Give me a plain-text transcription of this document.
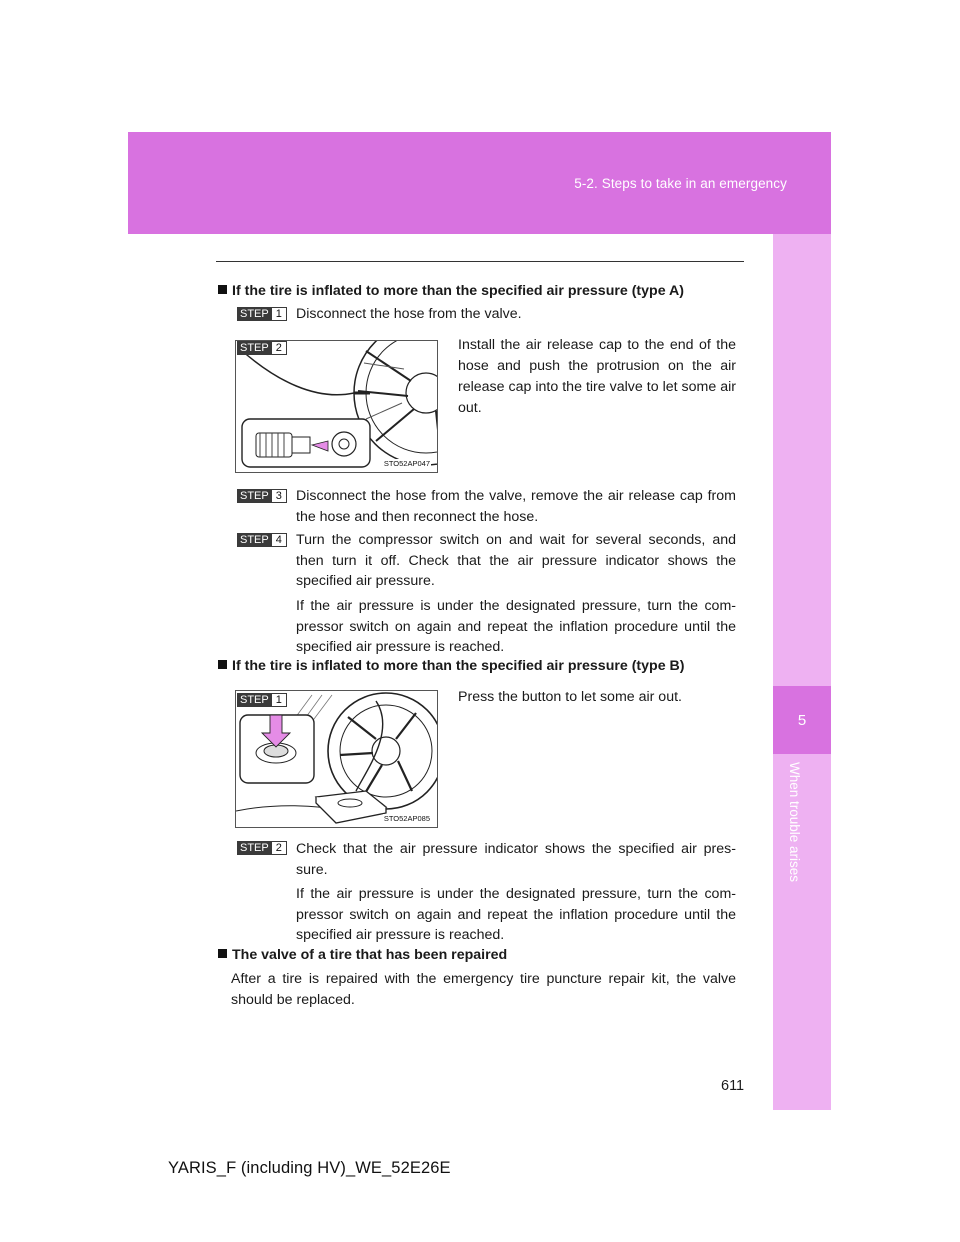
5-2. Steps to take in an emergency
5
When trouble arises

If the tire is inflated to more than the specified air pressure (type A)

STEP 1 Disconnect the hose from the valve.

STO52AP047
STEP 2	Install the air release cap to the end of the hose and push the protrusion on the air release cap into the tire valve to let some air out.

STEP 3 Disconnect the hose from the valve, remove the air release cap from the hose and then reconnect the hose.

STEP 4 Turn the compressor switch on and wait for several seconds, and then turn it off. Check that the air pressure indicator shows the specified air pressure.

If the air pressure is under the designated pressure, turn the com-pressor switch on again and repeat the inflation procedure until the specified air pressure is reached.

If the tire is inflated to more than the specified air pressure (type B)

STO52AP085
STEP 1	Press the button to let some air out.

STEP 2 Check that the air pressure indicator shows the specified air pres-sure.

If the air pressure is under the designated pressure, turn the com-pressor switch on again and repeat the inflation procedure until the specified air pressure is reached.

The valve of a tire that has been repaired

After a tire is repaired with the emergency tire puncture repair kit, the valve should be replaced.

611
YARIS_F (including HV)_WE_52E26E
